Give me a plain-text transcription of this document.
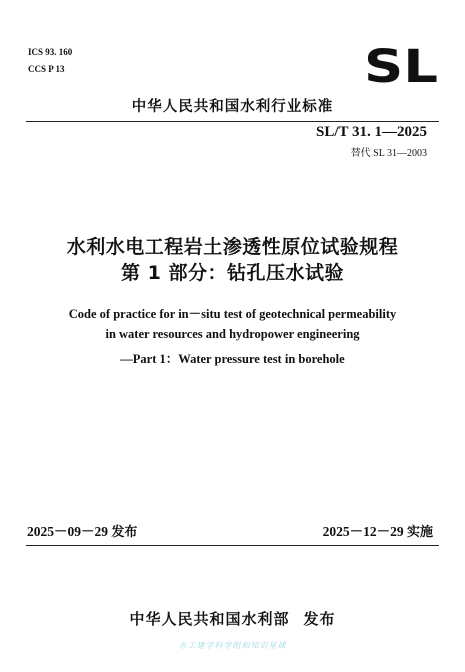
ICS 93. 160
CCS P 13	SL
中华人民共和国水利行业标准
SL/T 31. 1—2025
替代 SL 31—2003
水利水电工程岩土渗透性原位试验规程
第 1 部分：钻孔压水试验
Code of practice for in－situ test of geotechnical permeability
in water resources and hydropower engineering
—Part 1：Water pressure test in borehole
2025－09－29 发布	2025－12－29 实施
中华人民共和国水利部 发布
水工建学科学组和知识星球
